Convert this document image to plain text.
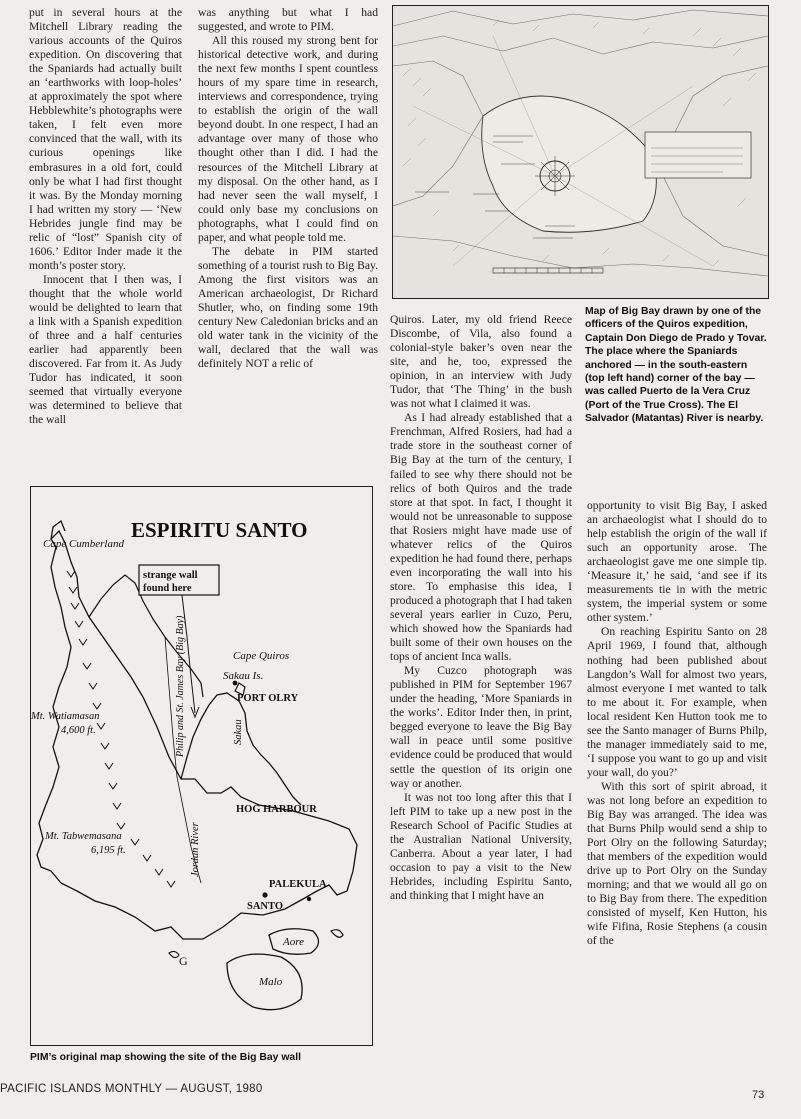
put in several hours at the Mitchell Library reading the various accounts of the Quiros expedition. On discovering that the Spaniards had actually built an ‘earthworks with loop-holes’ at approximately the spot where Hebblewhite’s photographs were taken, I felt even more convinced that the wall, with its curious openings like embrasures in a old fort, could only be what I had first thought it was. By the Monday morning I had written my story — ‘New Hebrides jungle find may be relic of “lost” Spanish city of 1606.’ Editor Inder made it the month’s poster story.

Innocent that I then was, I thought that the whole world would be delighted to learn that a link with a Spanish expedition of three and a half centuries earlier had apparently been discovered. Far from it. As Judy Tudor has indicated, it soon seemed that virtually everyone was determined to believe that the wall

was anything but what I had suggested, and wrote to PIM.

All this roused my strong bent for historical detective work, and during the next few months I spent countless hours of my spare time in research, interviews and correspondence, trying to establish the origin of the wall beyond doubt. In one respect, I had an advantage over many of those who thought other than I did. I had the resources of the Mitchell Library at my disposal. On the other hand, as I had never seen the wall myself, I could only base my conclusions on photographs, what I could find on paper, and what people told me.

The debate in PIM started something of a tourist rush to Big Bay. Among the first visitors was an American archaeologist, Dr Richard Shutler, who, on finding some 19th century New Caledonian bricks and an old water tank in the vicinity of the wall, declared that the wall was definitely NOT a relic of

Map of Big Bay drawn by one of the officers of the Quiros expedition, Captain Don Diego de Prado y Tovar. The place where the Spaniards anchored — in the south-eastern (top left hand) corner of the bay — was called Puerto de la Vera Cruz (Port of the True Cross). The El Salvador (Matantas) River is nearby.

Quiros. Later, my old friend Reece Discombe, of Vila, also found a colonial-style baker’s oven near the site, and he, too, expressed the opinion, in an interview with Judy Tudor, that ‘The Thing’ in the bush was not what I claimed it was.

As I had already established that a Frenchman, Alfred Rosiers, had had a trade store in the southeast corner of Big Bay at the turn of the century, I failed to see why there should not be relics of both Quiros and the trade store at that spot. In fact, I thought it would not be unreasonable to suppose that Rosiers might have made use of whatever relics of the Quiros expedition he had found there, perhaps even incorporating the wall into his store. To emphasise this idea, I produced a photograph that I had taken several years earlier in Cuzo, Peru, which showed how the Spaniards had built some of their own houses on the tops of ancient Inca walls.

My Cuzco photograph was published in PIM for September 1967 under the heading, ‘More Spaniards in the works’. Editor Inder then, in print, begged everyone to leave the Big Bay wall in peace until some positive evidence could be produced that would settle the question of its origin one way or another.

It was not too long after this that I left PIM to take up a new post in the Research School of Pacific Studies at the Australian National University, Canberra. About a year later, I had occasion to pay a visit to the New Hebrides, including Espiritu Santo, and thinking that I might have an

opportunity to visit Big Bay, I asked an archaeologist what I should do to help establish the origin of the wall if such an opportunity arose. The archaeologist gave me one simple tip. ‘Measure it,’ he said, ‘and see if its measurements tie in with the metric system, the imperial system or some other system.’

On reaching Espiritu Santo on 28 April 1969, I found that, although nothing had been published about Langdon’s Wall for almost two years, almost everyone I met wanted to talk to me about it. For example, when local resident Ken Hutton took me to see the Santo manager of Burns Philp, the manager immediately said to me, ‘I suppose you want to go up and visit your wall, do you?’

With this sort of spirit abroad, it was not long before an expedition to Big Bay was arranged. The idea was that Burns Philp would send a ship to Port Olry on the following Saturday; that members of the expedition would drive up to Port Olry on the Sunday morning; and that we would all go on to Big Bay from there. The expedition consisted of myself, Ken Hutton, his wife Fifina, Rosie Stephens (a cousin of the

ESPIRITU SANTO
Cape Cumberland
strange wall
found here
Cape Quiros
Sakau Is.
PORT OLRY
Sakau
HOG HARBOUR
Mt. Watiamasan
4,600 ft.	Philip and St. James Bay (Big Bay)
Jordan River
Mt. Tabwemasana
6,195 ft.
PALEKULA
SANTO
Aore
Malo
G
PIM’s original map showing the site of the Big Bay wall
PACIFIC ISLANDS MONTHLY — AUGUST, 1980	73
